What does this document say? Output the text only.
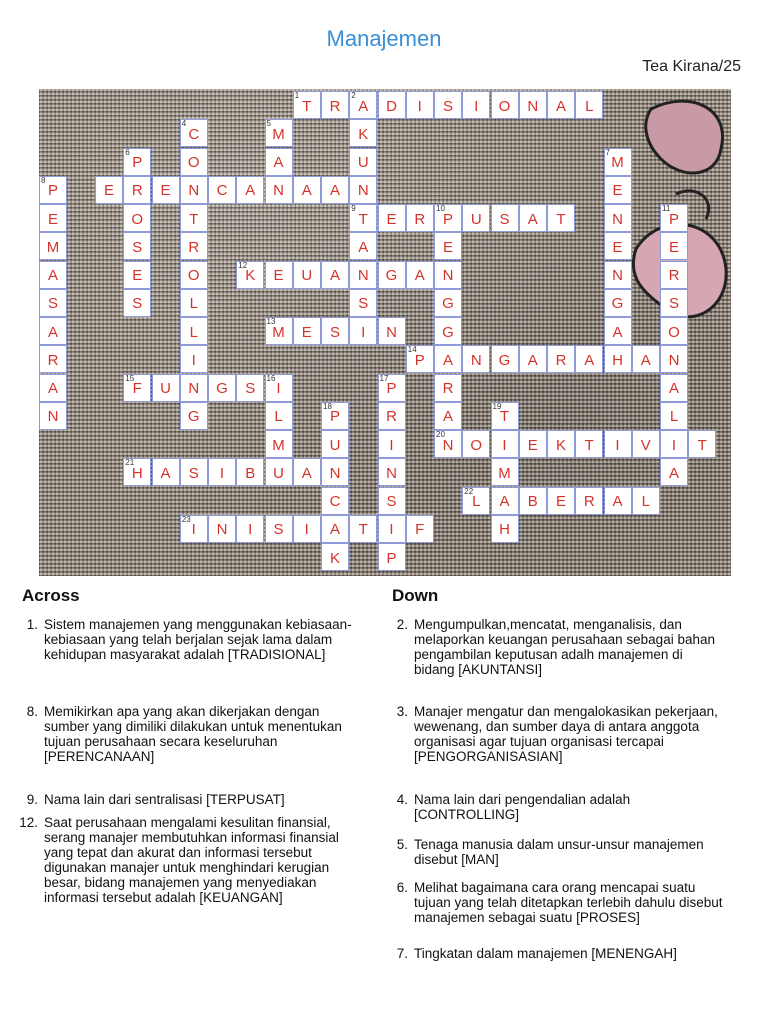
Manajemen
Tea Kirana/25
1
T R
2
A D I S I O N A L
K
U
N
9
T
A
N
S
I
4
C
O
N
T
R
O
L
L
I
N
G
5
M
A
N
6
P
R
O
S
E
S
7
M
E
N
E
N
G
A
H
8
P	E	E	C A	A A
E
M
A
S
A
R
A
N
E R
10
P U S A T
E
N
G
G
A
R
A
20
N
11
P
E
R
S
O
N
A
L
I
A
12
K E U A	G A
13
M E S	N
14
P	N G A R A	A
15
F U	G S
16
I
L
M
U
17
P
R
I
N
S
I
P
18
P
U
N
C
A
K
19
T
I
M
A
H
O	E K T I V	T
21
H A S I B	A
22
L	B E R A L
23
I N I S I	T	F
Across	Down
1. Sistem manajemen yang menggunakan kebiasaan-kebiasaan yang telah berjalan sejak lama dalam kehidupan masyarakat adalah [TRADISIONAL]
8. Memikirkan apa yang akan dikerjakan dengan sumber yang dimiliki dilakukan untuk menentukan tujuan perusahaan secara keseluruhan [PERENCANAAN]
9. Nama lain dari sentralisasi [TERPUSAT]
12. Saat perusahaan mengalami kesulitan finansial, serang manajer membutuhkan informasi finansial yang tepat dan akurat dan informasi tersebut digunakan manajer untuk menghindari kerugian besar, bidang manajemen yang menyediakan informasi tersebut adalah [KEUANGAN]
2. Mengumpulkan,mencatat, menganalisis, dan melaporkan keuangan perusahaan sebagai bahan pengambilan keputusan adalh manajemen di bidang [AKUNTANSI]
3. Manajer mengatur dan mengalokasikan pekerjaan, wewenang, dan sumber daya di antara anggota organisasi agar tujuan organisasi tercapai [PENGORGANISASIAN]
4. Nama lain dari pengendalian adalah [CONTROLLING]
5. Tenaga manusia dalam unsur-unsur manajemen disebut [MAN]
6. Melihat bagaimana cara orang mencapai suatu tujuan yang telah ditetapkan terlebih dahulu disebut manajemen sebagai suatu [PROSES]
7. Tingkatan dalam manajemen [MENENGAH]
